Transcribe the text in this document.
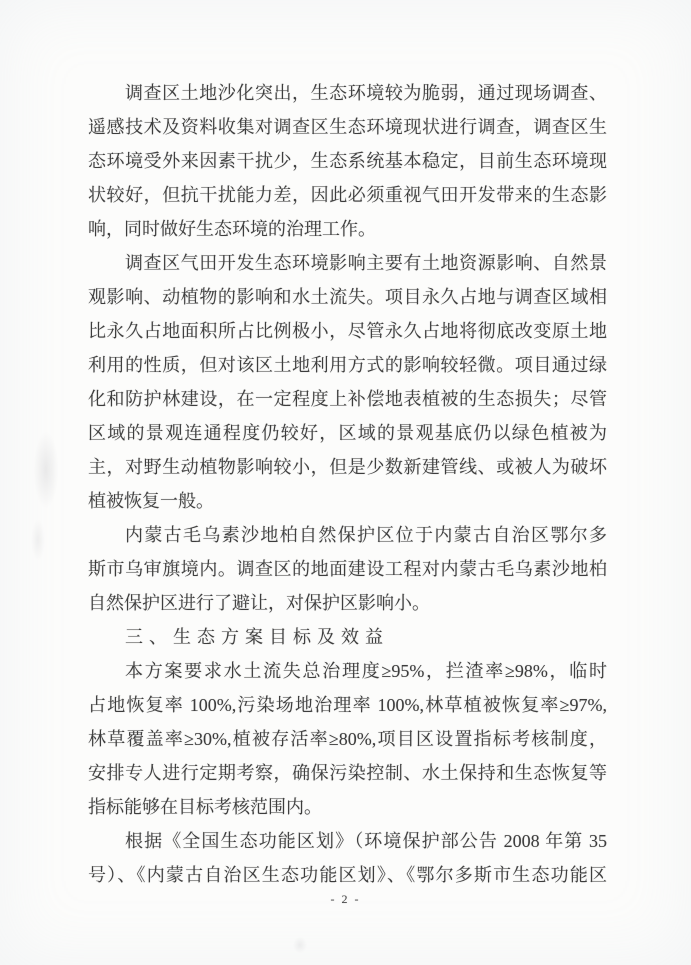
调查区土地沙化突出，生态环境较为脆弱，通过现场调查、
遥感技术及资料收集对调查区生态环境现状进行调查，调查区生
态环境受外来因素干扰少，生态系统基本稳定，目前生态环境现
状较好，但抗干扰能力差，因此必须重视气田开发带来的生态影
响，同时做好生态环境的治理工作。
调查区气田开发生态环境影响主要有土地资源影响、自然景
观影响、动植物的影响和水土流失。项目永久占地与调查区域相
比永久占地面积所占比例极小，尽管永久占地将彻底改变原土地
利用的性质，但对该区土地利用方式的影响较轻微。项目通过绿
化和防护林建设，在一定程度上补偿地表植被的生态损失；尽管
区域的景观连通程度仍较好，区域的景观基底仍以绿色植被为
主，对野生动植物影响较小，但是少数新建管线、或被人为破坏
植被恢复一般。
内蒙古毛乌素沙地柏自然保护区位于内蒙古自治区鄂尔多
斯市乌审旗境内。调查区的地面建设工程对内蒙古毛乌素沙地柏
自然保护区进行了避让，对保护区影响小。
三、生态方案目标及效益
本方案要求水土流失总治理度≥95%，拦渣率≥98%，临时
占地恢复率 100%,污染场地治理率 100%,林草植被恢复率≥97%,
林草覆盖率≥30%,植被存活率≥80%,项目区设置指标考核制度，
安排专人进行定期考察，确保污染控制、水土保持和生态恢复等
指标能够在目标考核范围内。
根据《全国生态功能区划》（环境保护部公告 2008 年第 35
号）、《内蒙古自治区生态功能区划》、《鄂尔多斯市生态功能区
- 2 -
